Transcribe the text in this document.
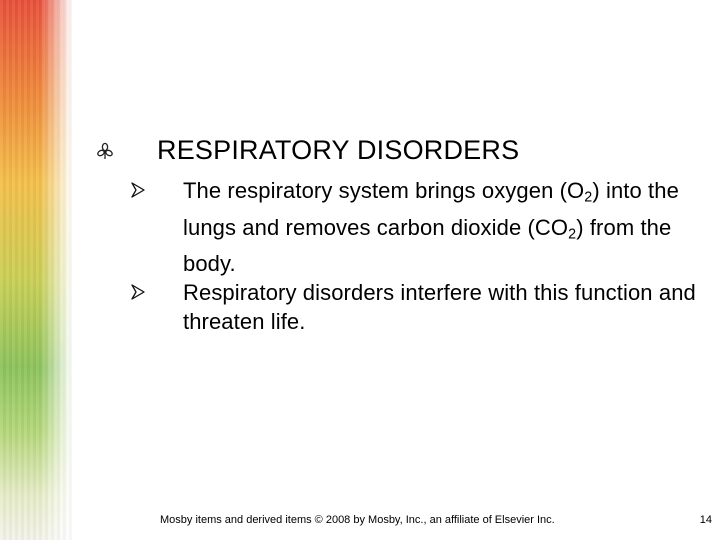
RESPIRATORY DISORDERS
The respiratory system brings oxygen $(O_2)$ into the lungs and removes carbon dioxide $(CO_2)$ from the body.
Respiratory disorders interfere with this function and threaten life.
Mosby items and derived items © 2008 by Mosby, Inc., an affiliate of Elsevier Inc.	14
